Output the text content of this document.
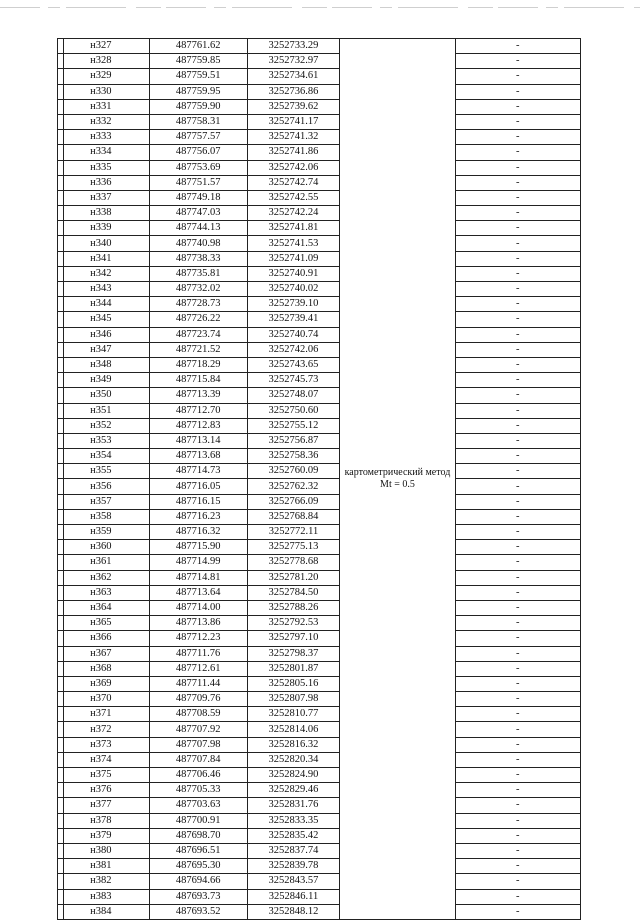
	н327	487761.62	3252733.29	картометрический метод Mt = 0.5	-
	н328	487759.85	3252732.97		-
	н329	487759.51	3252734.61		-
	н330	487759.95	3252736.86		-
	н331	487759.90	3252739.62		-
	н332	487758.31	3252741.17		-
	н333	487757.57	3252741.32		-
	н334	487756.07	3252741.86		-
	н335	487753.69	3252742.06		-
	н336	487751.57	3252742.74		-
	н337	487749.18	3252742.55		-
	н338	487747.03	3252742.24		-
	н339	487744.13	3252741.81		-
	н340	487740.98	3252741.53		-
	н341	487738.33	3252741.09		-
	н342	487735.81	3252740.91		-
	н343	487732.02	3252740.02		-
	н344	487728.73	3252739.10		-
	н345	487726.22	3252739.41		-
	н346	487723.74	3252740.74		-
	н347	487721.52	3252742.06		-
	н348	487718.29	3252743.65		-
	н349	487715.84	3252745.73		-
	н350	487713.39	3252748.07		-
	н351	487712.70	3252750.60		-
	н352	487712.83	3252755.12		-
	н353	487713.14	3252756.87		-
	н354	487713.68	3252758.36		-
	н355	487714.73	3252760.09		-
	н356	487716.05	3252762.32		-
	н357	487716.15	3252766.09		-
	н358	487716.23	3252768.84		-
	н359	487716.32	3252772.11		-
	н360	487715.90	3252775.13		-
	н361	487714.99	3252778.68		-
	н362	487714.81	3252781.20		-
	н363	487713.64	3252784.50		-
	н364	487714.00	3252788.26		-
	н365	487713.86	3252792.53		-
	н366	487712.23	3252797.10		-
	н367	487711.76	3252798.37		-
	н368	487712.61	3252801.87		-
	н369	487711.44	3252805.16		-
	н370	487709.76	3252807.98		-
	н371	487708.59	3252810.77		-
	н372	487707.92	3252814.06		-
	н373	487707.98	3252816.32		-
	н374	487707.84	3252820.34		-
	н375	487706.46	3252824.90		-
	н376	487705.33	3252829.46		-
	н377	487703.63	3252831.76		-
	н378	487700.91	3252833.35		-
	н379	487698.70	3252835.42		-
	н380	487696.51	3252837.74		-
	н381	487695.30	3252839.78		-
	н382	487694.66	3252843.57		-
	н383	487693.73	3252846.11		-
	н384	487693.52	3252848.12		-
